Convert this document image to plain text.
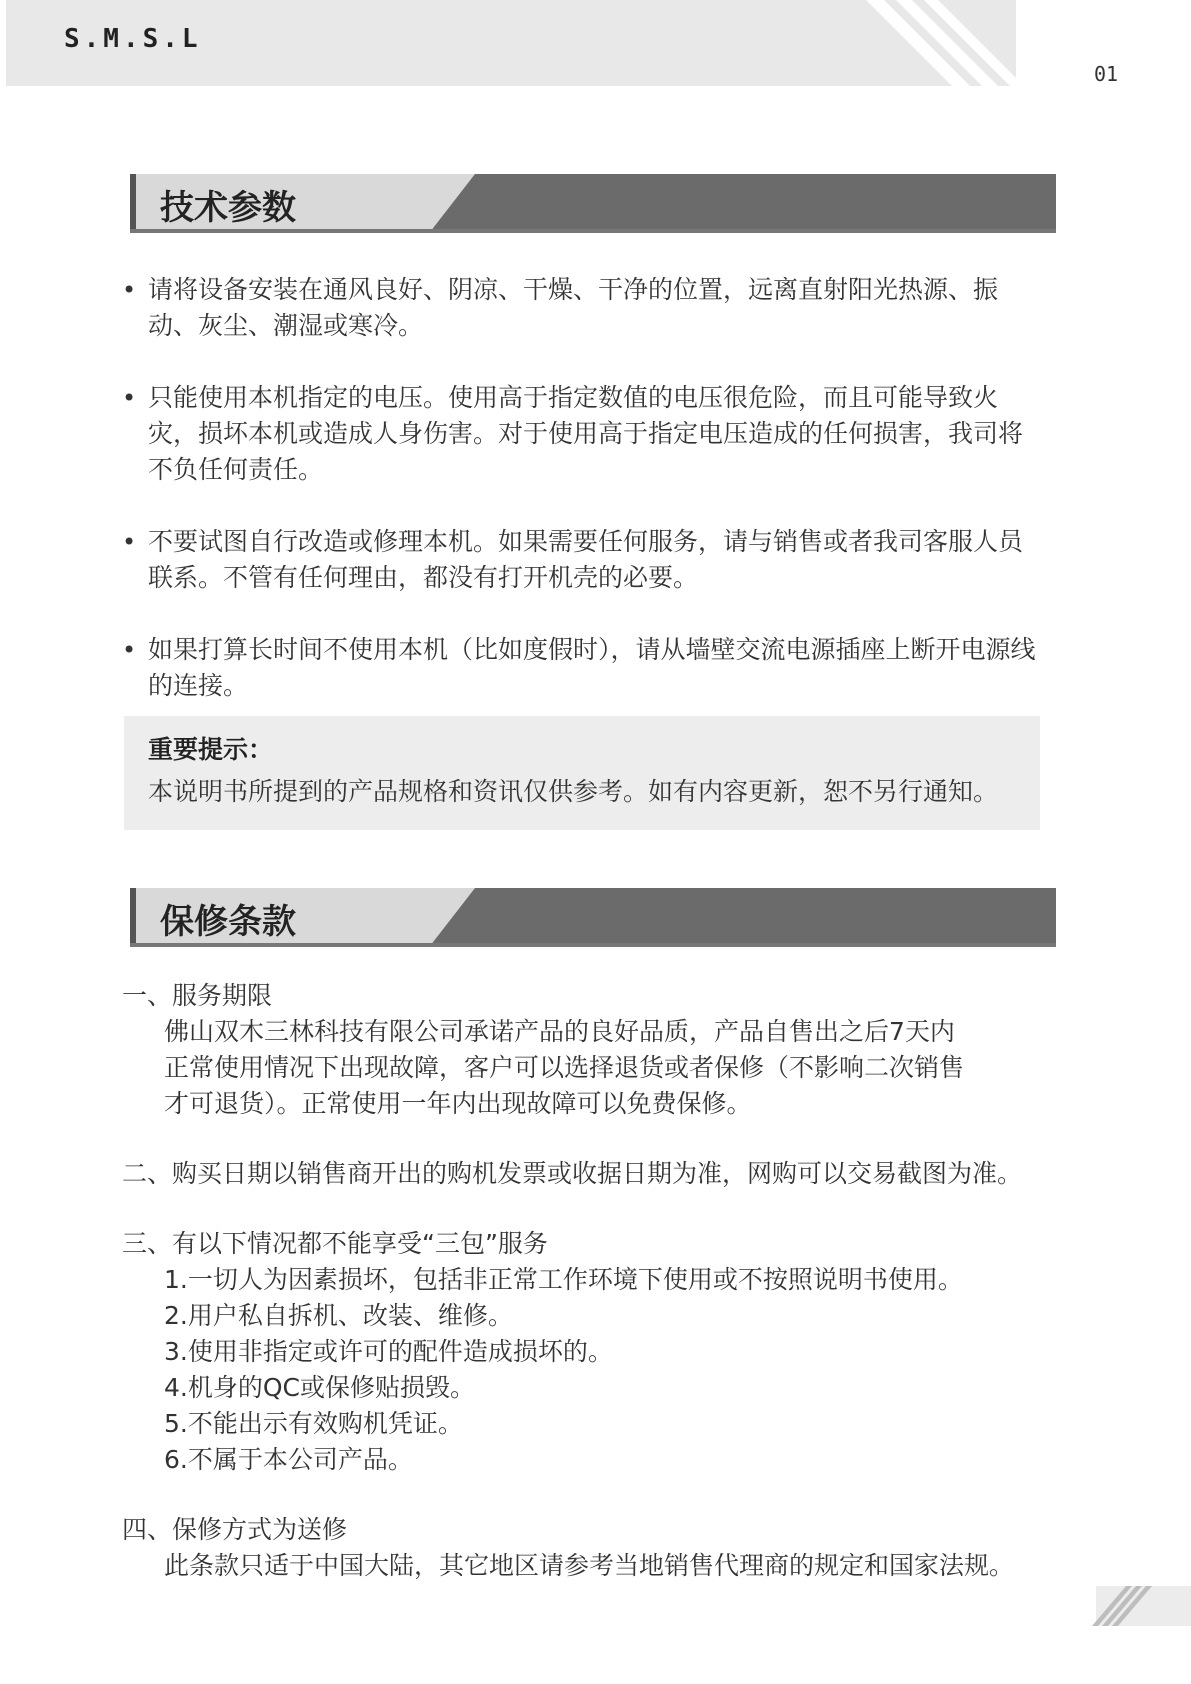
S.M.S.L
01
技术参数
• 请将设备安装在通风良好、阴凉、干燥、干净的位置，远离直射阳光热源、振动、灰尘、潮湿或寒冷。
• 只能使用本机指定的电压。使用高于指定数值的电压很危险，而且可能导致火灾，损坏本机或造成人身伤害。对于使用高于指定电压造成的任何损害，我司将不负任何责任。
• 不要试图自行改造或修理本机。如果需要任何服务，请与销售或者我司客服人员联系。不管有任何理由，都没有打开机壳的必要。
• 如果打算长时间不使用本机（比如度假时），请从墙壁交流电源插座上断开电源线的连接。
重要提示：
本说明书所提到的产品规格和资讯仅供参考。如有内容更新，恕不另行通知。
保修条款
一、服务期限
佛山双木三林科技有限公司承诺产品的良好品质，产品自售出之后7天内
正常使用情况下出现故障，客户可以选择退货或者保修（不影响二次销售
才可退货）。正常使用一年内出现故障可以免费保修。
二、购买日期以销售商开出的购机发票或收据日期为准，网购可以交易截图为准。
三、有以下情况都不能享受“三包”服务
1.一切人为因素损坏，包括非正常工作环境下使用或不按照说明书使用。
2.用户私自拆机、改装、维修。
3.使用非指定或许可的配件造成损坏的。
4.机身的QC或保修贴损毁。
5.不能出示有效购机凭证。
6.不属于本公司产品。
四、保修方式为送修
此条款只适于中国大陆，其它地区请参考当地销售代理商的规定和国家法规。
